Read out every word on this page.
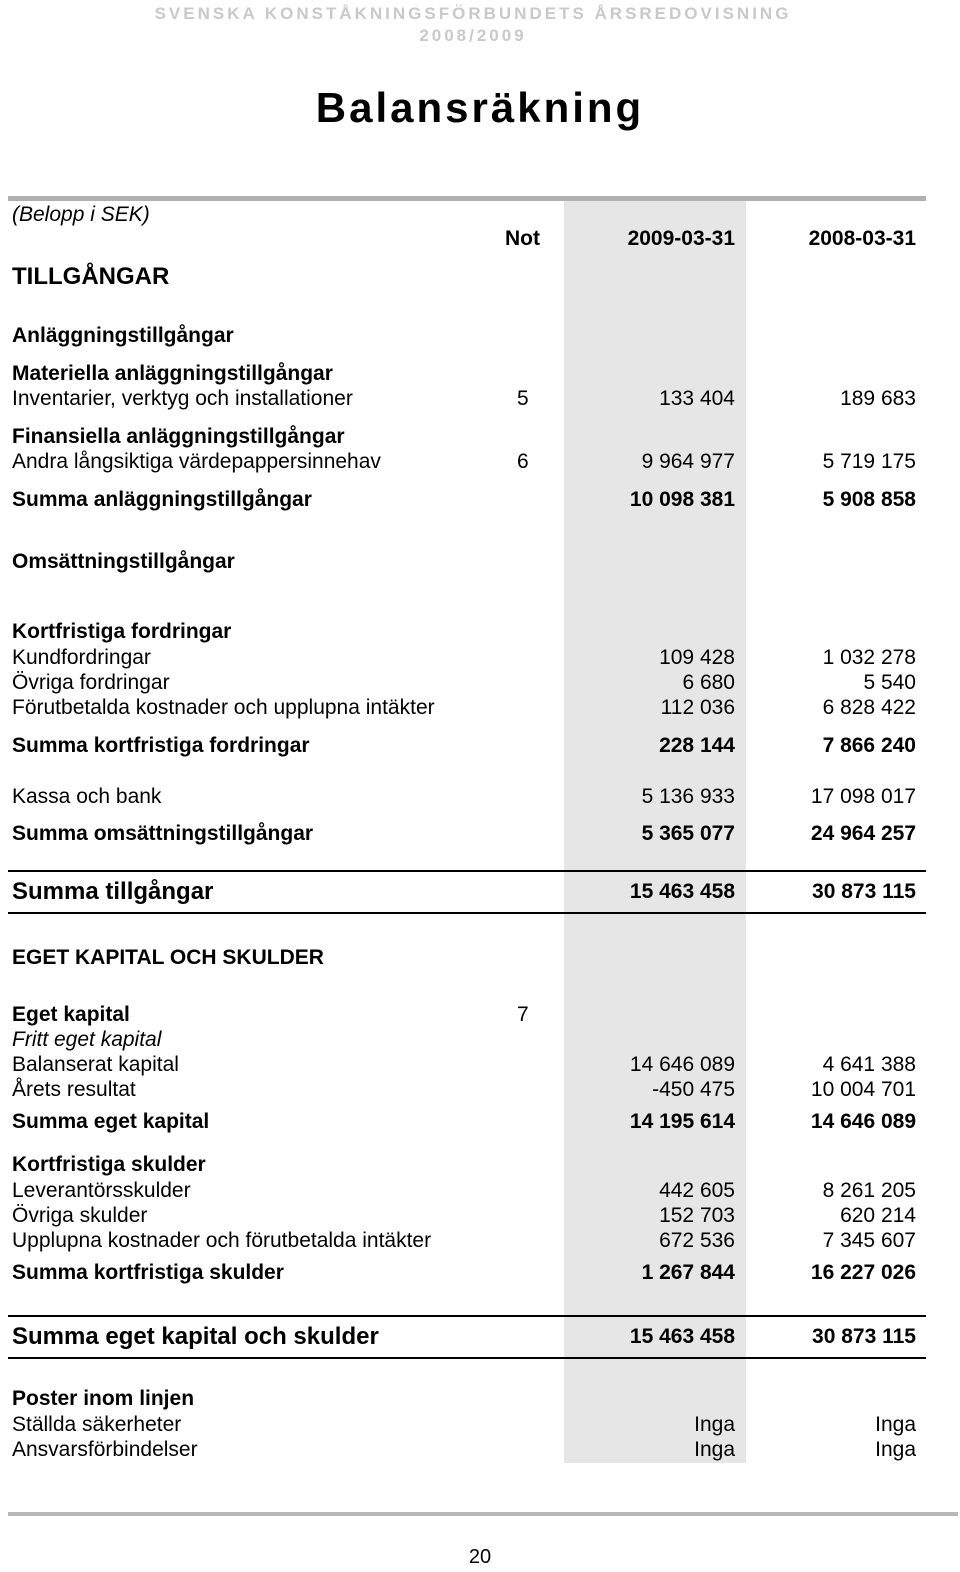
SVENSKA KONSTÅKNINGSFÖRBUNDETS ÅRSREDOVISNING
2008/2009
Balansräkning
(Belopp i SEK)
Not	2009-03-31	2008-03-31
TILLGÅNGAR
Anläggningstillgångar
Materiella anläggningstillgångar
Inventarier, verktyg och installationer	5	133 404	189 683
Finansiella anläggningstillgångar
Andra långsiktiga värdepappersinnehav	6	9 964 977	5 719 175
Summa anläggningstillgångar	10 098 381	5 908 858
Omsättningstillgångar
Kortfristiga fordringar
Kundfordringar	109 428	1 032 278
Övriga fordringar	6 680	5 540
Förutbetalda kostnader och upplupna intäkter	112 036	6 828 422
Summa kortfristiga fordringar	228 144	7 866 240
Kassa och bank	5 136 933	17 098 017
Summa omsättningstillgångar	5 365 077	24 964 257
Summa tillgångar	15 463 458	30 873 115
EGET KAPITAL OCH SKULDER
Eget kapital	7
Fritt eget kapital
Balanserat kapital	14 646 089	4 641 388
Årets resultat	-450 475	10 004 701
Summa eget kapital	14 195 614	14 646 089
Kortfristiga skulder
Leverantörsskulder	442 605	8 261 205
Övriga skulder	152 703	620 214
Upplupna kostnader och förutbetalda intäkter	672 536	7 345 607
Summa kortfristiga skulder	1 267 844	16 227 026
Summa eget kapital och skulder	15 463 458	30 873 115
Poster inom linjen
Ställda säkerheter	Inga	Inga
Ansvarsförbindelser	Inga	Inga
20
